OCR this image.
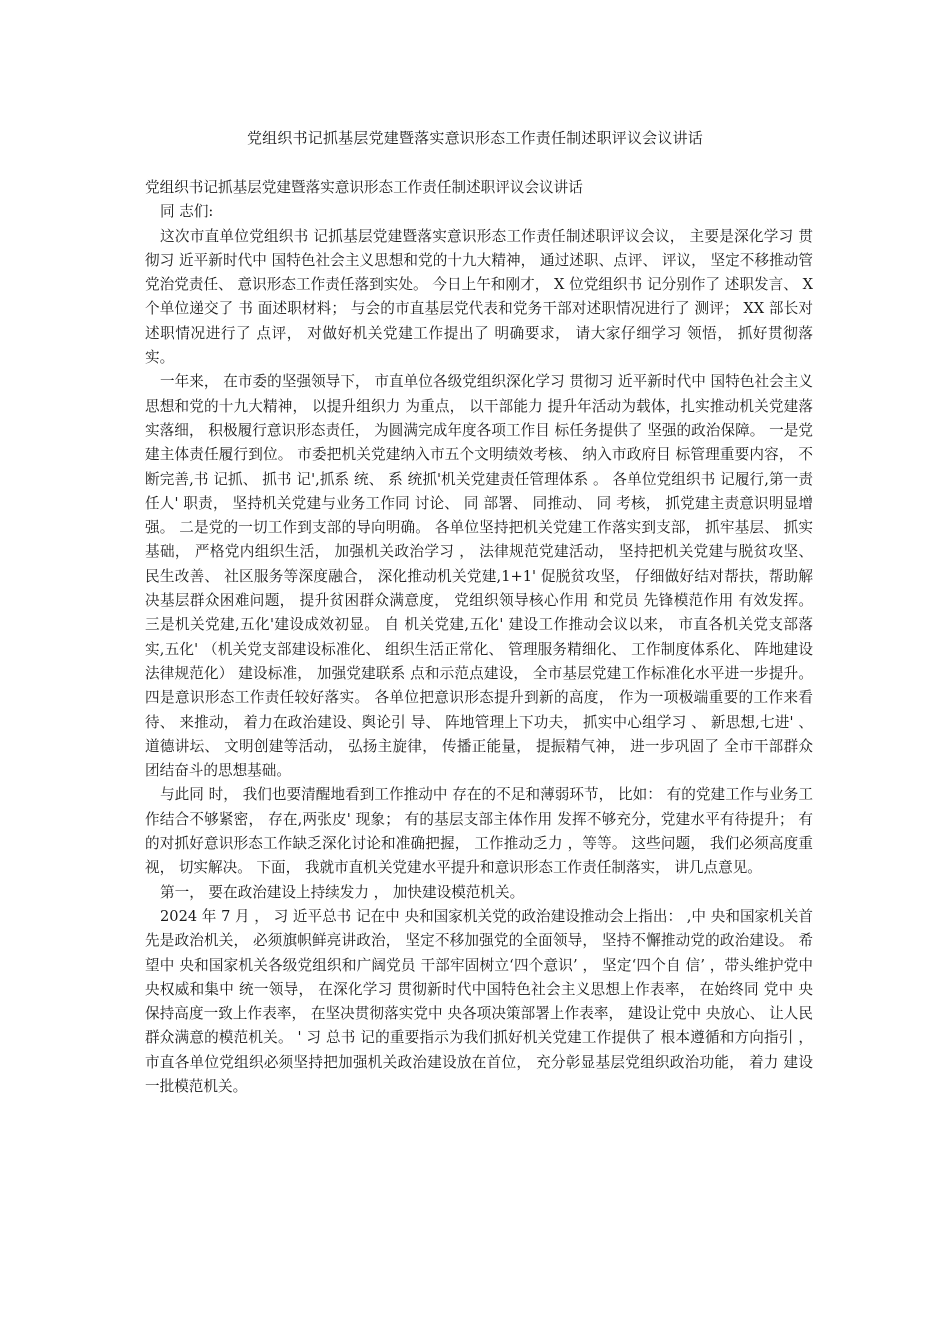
党组织书记抓基层党建暨落实意识形态工作责任制述职评议会议讲话

党组织书记抓基层党建暨落实意识形态工作责任制述职评议会议讲话

同 志们:

这次市直单位党组织书 记抓基层党建暨落实意识形态工作责任制述职评议会议， 主要是深化学习 贯彻习 近平新时代中 国特色社会主义思想和党的十九大精神， 通过述职、点评、 评议， 坚定不移推动管党治党责任、 意识形态工作责任落到实处。 今日上午和刚才， X 位党组织书 记分别作了 述职发言、 X 个单位递交了 书 面述职材料； 与会的市直基层党代表和党务干部对述职情况进行了 测评； XX 部长对述职情况进行了 点评， 对做好机关党建工作提出了 明确要求， 请大家仔细学习 领悟， 抓好贯彻落实。

一年来， 在市委的坚强领导下， 市直单位各级党组织深化学习 贯彻习 近平新时代中 国特色社会主义思想和党的十九大精神， 以提升组织力 为重点， 以干部能力 提升年活动为载体，扎实推动机关党建落实落细， 积极履行意识形态责任， 为圆满完成年度各项工作目 标任务提供了 坚强的政治保障。 一是党建主体责任履行到位。 市委把机关党建纳入市五个文明绩效考核、 纳入市政府目 标管理重要内容， 不断完善,书 记抓、 抓书 记',抓系 统、 系 统抓'机关党建责任管理体系 。 各单位党组织书 记履行,第一责任人' 职责， 坚持机关党建与业务工作同 讨论、 同 部署、 同推动、 同 考核， 抓党建主责意识明显增强。 二是党的一切工作到支部的导向明确。 各单位坚持把机关党建工作落实到支部， 抓牢基层、 抓实基础， 严格党内组织生活， 加强机关政治学习 ， 法律规范党建活动， 坚持把机关党建与脱贫攻坚、 民生改善、 社区服务等深度融合， 深化推动机关党建,1+1' 促脱贫攻坚， 仔细做好结对帮扶，帮助解决基层群众困难问题， 提升贫困群众满意度， 党组织领导核心作用 和党员 先锋模范作用 有效发挥。 三是机关党建,五化'建设成效初显。 自 机关党建,五化' 建设工作推动会议以来， 市直各机关党支部落实,五化' （机关党支部建设标准化、 组织生活正常化、 管理服务精细化、 工作制度体系化、 阵地建设法律规范化） 建设标准， 加强党建联系 点和示范点建设， 全市基层党建工作标准化水平进一步提升。 四是意识形态工作责任较好落实。 各单位把意识形态提升到新的高度， 作为一项极端重要的工作来看待、 来推动， 着力在政治建设、舆论引 导、 阵地管理上下功夫， 抓实中心组学习 、 新思想,七进' 、 道德讲坛、 文明创建等活动， 弘扬主旋律， 传播正能量， 提振精气神， 进一步巩固了 全市干部群众团结奋斗的思想基础。

与此同 时， 我们也要清醒地看到工作推动中 存在的不足和薄弱环节， 比如： 有的党建工作与业务工作结合不够紧密， 存在,两张皮' 现象； 有的基层支部主体作用 发挥不够充分，党建水平有待提升； 有的对抓好意识形态工作缺乏深化讨论和准确把握， 工作推动乏力 ，等等。 这些问题， 我们必须高度重视， 切实解决。 下面， 我就市直机关党建水平提升和意识形态工作责任制落实， 讲几点意见。

第一， 要在政治建设上持续发力 ， 加快建设模范机关。

2024 年 7 月 ， 习 近平总书 记在中 央和国家机关党的政治建设推动会上指出： ,中 央和国家机关首先是政治机关， 必须旗帜鲜亮讲政治， 坚定不移加强党的全面领导， 坚持不懈推动党的政治建设。 希望中 央和国家机关各级党组织和广阔党员 干部牢固树立‘四个意识’ ， 坚定‘四个自 信’ ，带头维护党中 央权威和集中 统一领导， 在深化学习 贯彻新时代中国特色社会主义思想上作表率， 在始终同 党中 央保持高度一致上作表率， 在坚决贯彻落实党中 央各项决策部署上作表率， 建设让党中 央放心、 让人民群众满意的模范机关。 ' 习 总书 记的重要指示为我们抓好机关党建工作提供了 根本遵循和方向指引 ， 市直各单位党组织必须坚持把加强机关政治建设放在首位， 充分彰显基层党组织政治功能， 着力 建设一批模范机关。
